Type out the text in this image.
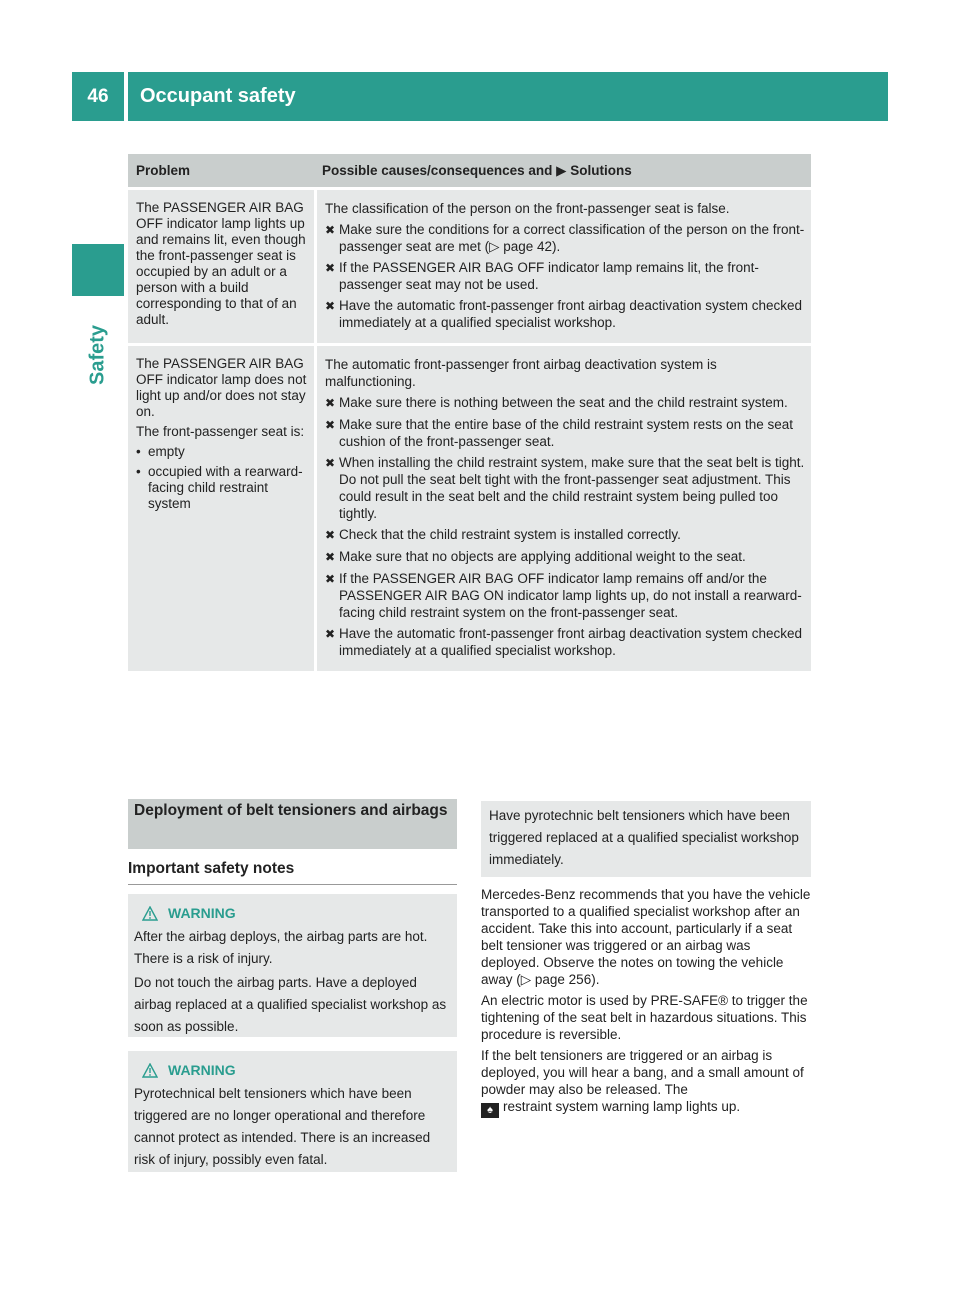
46	Occupant safety
Safety
Problem	Possible causes/consequences and ▶ Solutions
The PASSENGER AIR BAG OFF indicator lamp lights up and remains lit, even though the front-passenger seat is occupied by an adult or a person with a build corresponding to that of an adult.

The classification of the person on the front-passenger seat is false.

✖ Make sure the conditions for a correct classification of the person on the front-passenger seat are met (▷ page 42).
✖ If the PASSENGER AIR BAG OFF indicator lamp remains lit, the front-passenger seat may not be used.
✖ Have the automatic front-passenger front airbag deactivation system checked immediately at a qualified specialist workshop.

The PASSENGER AIR BAG OFF indicator lamp does not light up and/or does not stay on.

The front-passenger seat is:

• empty
• occupied with a rearward-facing child restraint system

The automatic front-passenger front airbag deactivation system is malfunctioning.

✖ Make sure there is nothing between the seat and the child restraint system.
✖ Make sure that the entire base of the child restraint system rests on the seat cushion of the front-passenger seat.
✖ When installing the child restraint system, make sure that the seat belt is tight. Do not pull the seat belt tight with the front-passenger seat adjustment. This could result in the seat belt and the child restraint system being pulled too tightly.
✖ Check that the child restraint system is installed correctly.
✖ Make sure that no objects are applying additional weight to the seat.
✖ If the PASSENGER AIR BAG OFF indicator lamp remains off and/or the PASSENGER AIR BAG ON indicator lamp lights up, do not install a rearward-facing child restraint system on the front-passenger seat.
✖ Have the automatic front-passenger front airbag deactivation system checked immediately at a qualified specialist workshop.
Deployment of belt tensioners and airbags
Important safety notes
WARNING

After the airbag deploys, the airbag parts are hot. There is a risk of injury.

Do not touch the airbag parts. Have a deployed airbag replaced at a qualified specialist workshop as soon as possible.

WARNING

Pyrotechnical belt tensioners which have been triggered are no longer operational and therefore cannot protect as intended. There is an increased risk of injury, possibly even fatal.

Have pyrotechnic belt tensioners which have been triggered replaced at a qualified specialist workshop immediately.

Mercedes-Benz recommends that you have the vehicle transported to a qualified specialist workshop after an accident. Take this into account, particularly if a seat belt tensioner was triggered or an airbag was deployed. Observe the notes on towing the vehicle away (▷ page 256).

An electric motor is used by PRE-SAFE® to trigger the tightening of the seat belt in hazardous situations. This procedure is reversible.

If the belt tensioners are triggered or an airbag is deployed, you will hear a bang, and a small amount of powder may also be released. The
♠ restraint system warning lamp lights up.
